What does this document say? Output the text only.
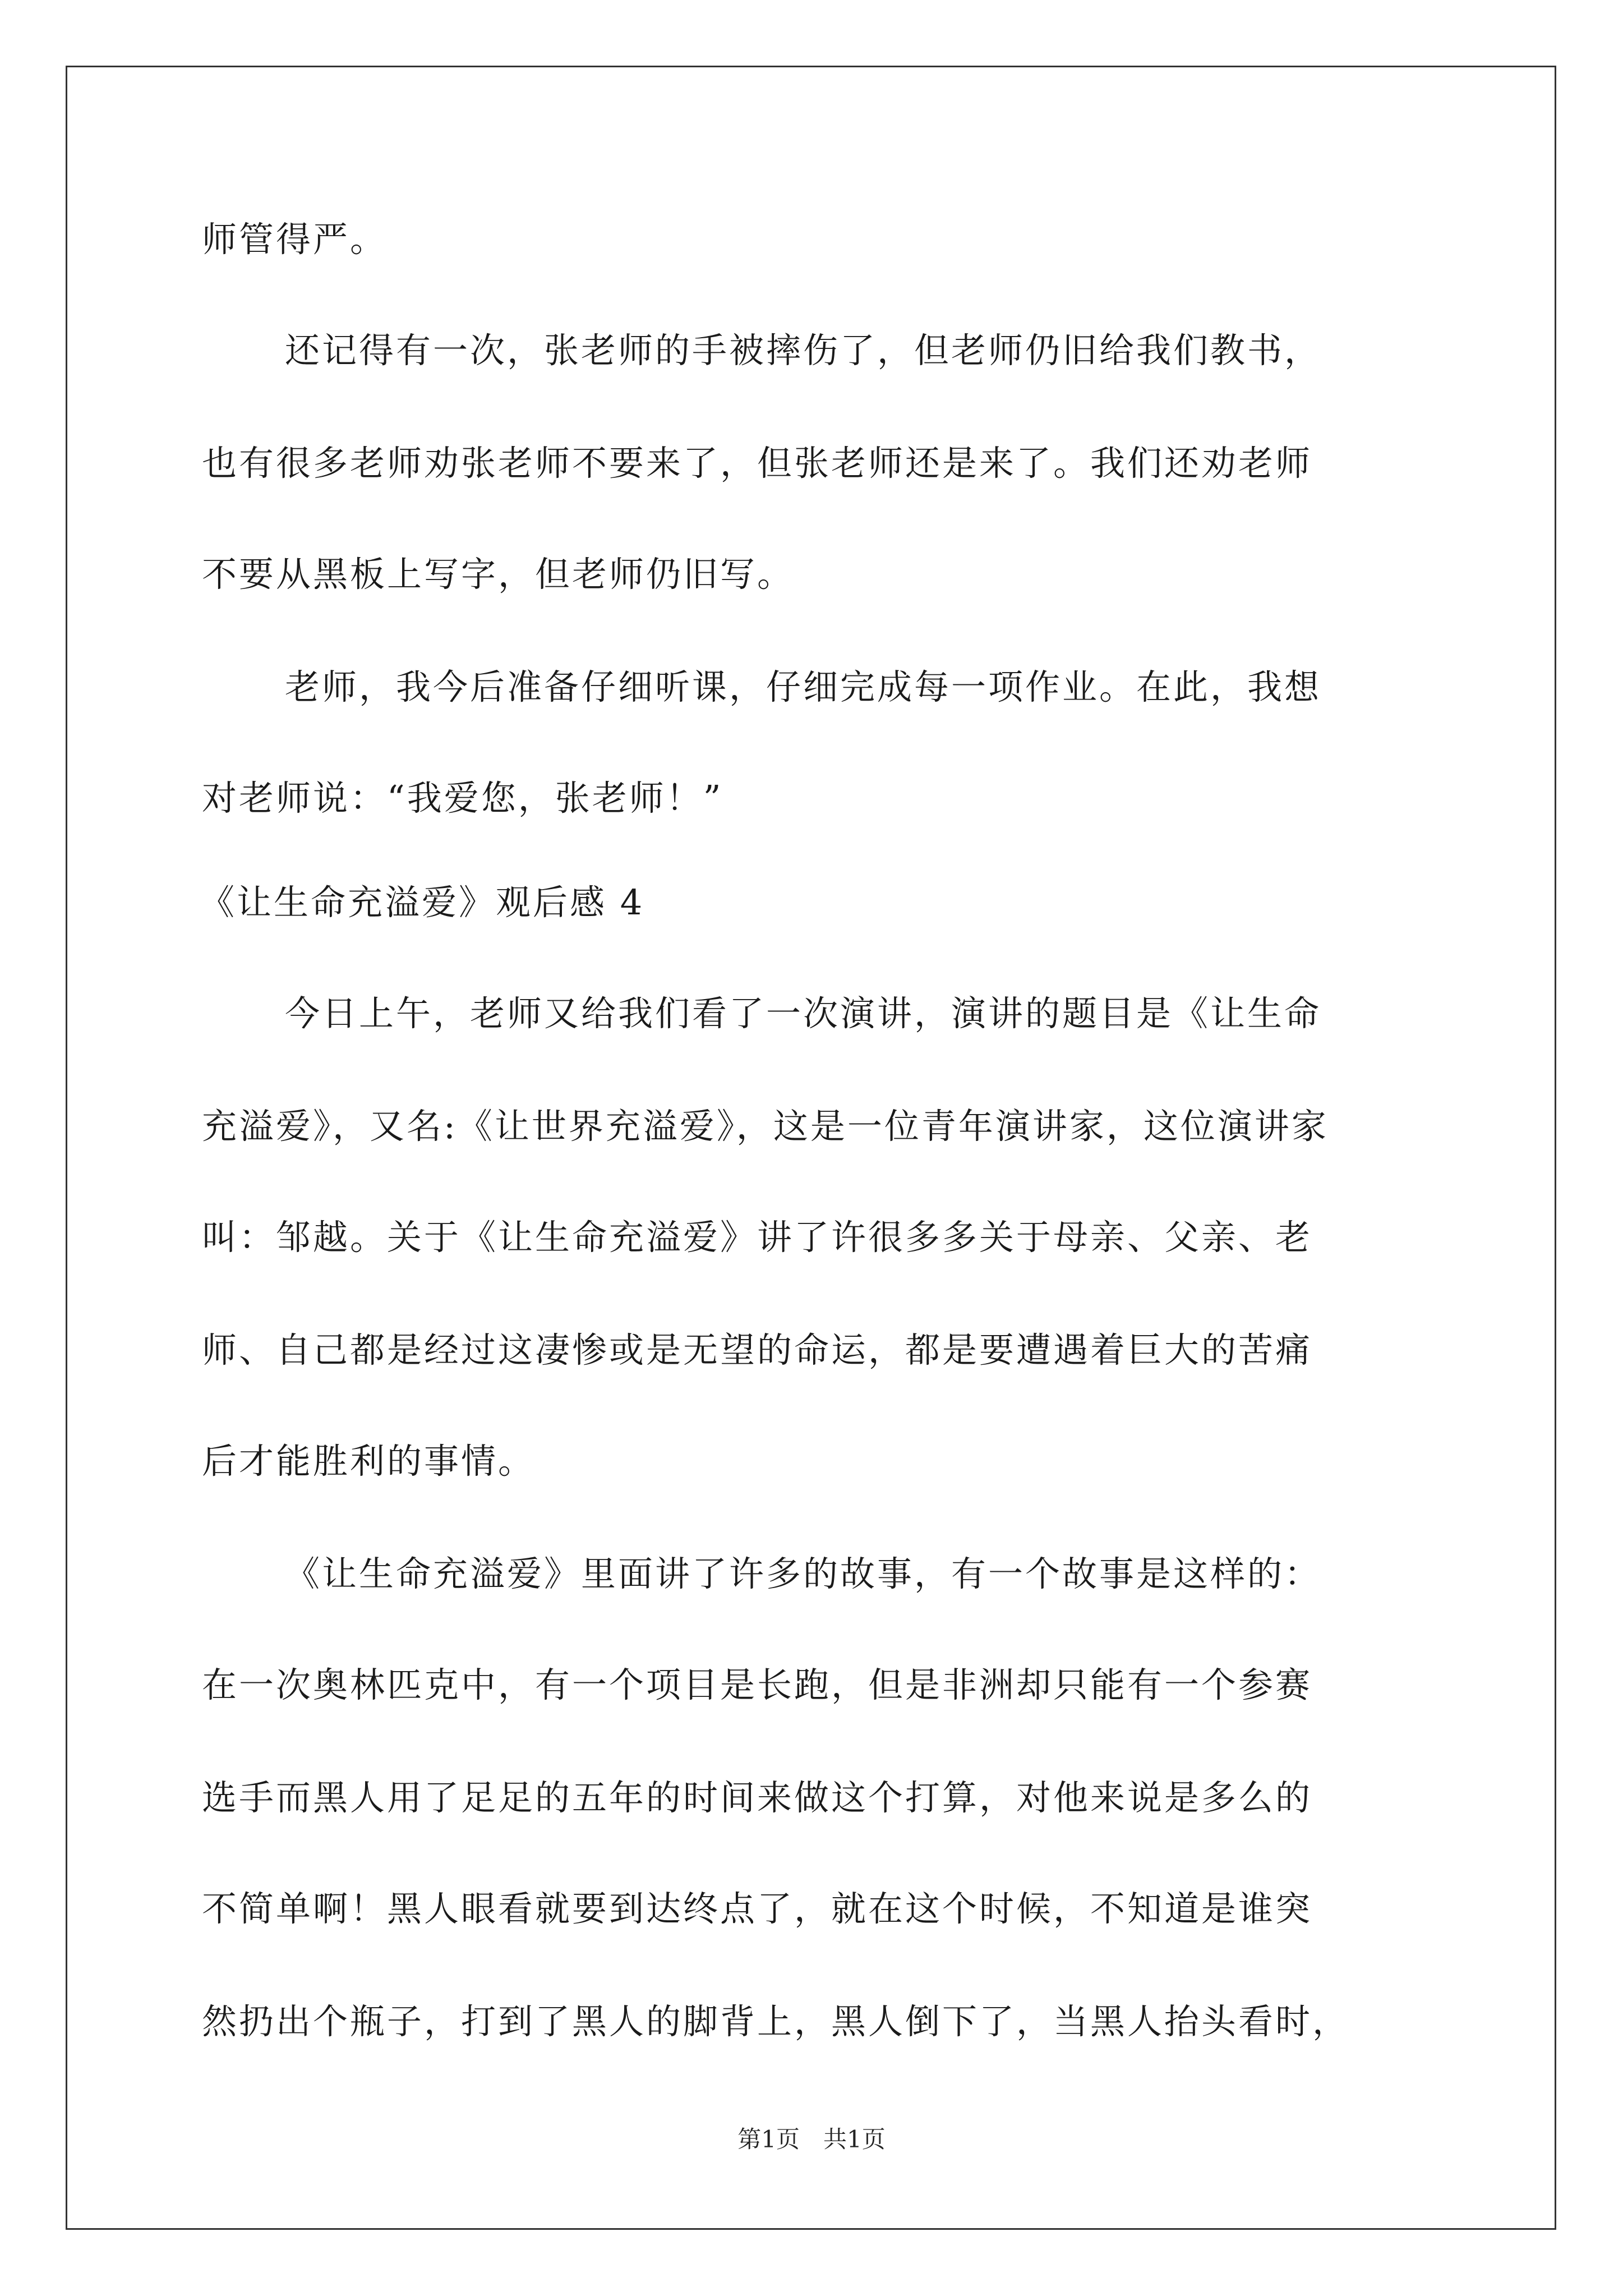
师管得严。
还记得有一次，张老师的手被摔伤了，但老师仍旧给我们教书，
也有很多老师劝张老师不要来了，但张老师还是来了。我们还劝老师
不要从黑板上写字，但老师仍旧写。
老师，我今后准备仔细听课，仔细完成每一项作业。在此，我想
对老师说：“我爱您，张老师！”
《让生命充溢爱》观后感 4
今日上午，老师又给我们看了一次演讲，演讲的题目是《让生命
充溢爱》，又名:《让世界充溢爱》，这是一位青年演讲家，这位演讲家
叫：邹越。关于《让生命充溢爱》讲了许很多多关于母亲、父亲、老
师、自己都是经过这凄惨或是无望的命运，都是要遭遇着巨大的苦痛
后才能胜利的事情。
《让生命充溢爱》里面讲了许多的故事，有一个故事是这样的：
在一次奥林匹克中，有一个项目是长跑，但是非洲却只能有一个参赛
选手而黑人用了足足的五年的时间来做这个打算，对他来说是多么的
不简单啊！黑人眼看就要到达终点了，就在这个时候，不知道是谁突
然扔出个瓶子，打到了黑人的脚背上，黑人倒下了，当黑人抬头看时，
第1页　共1页
